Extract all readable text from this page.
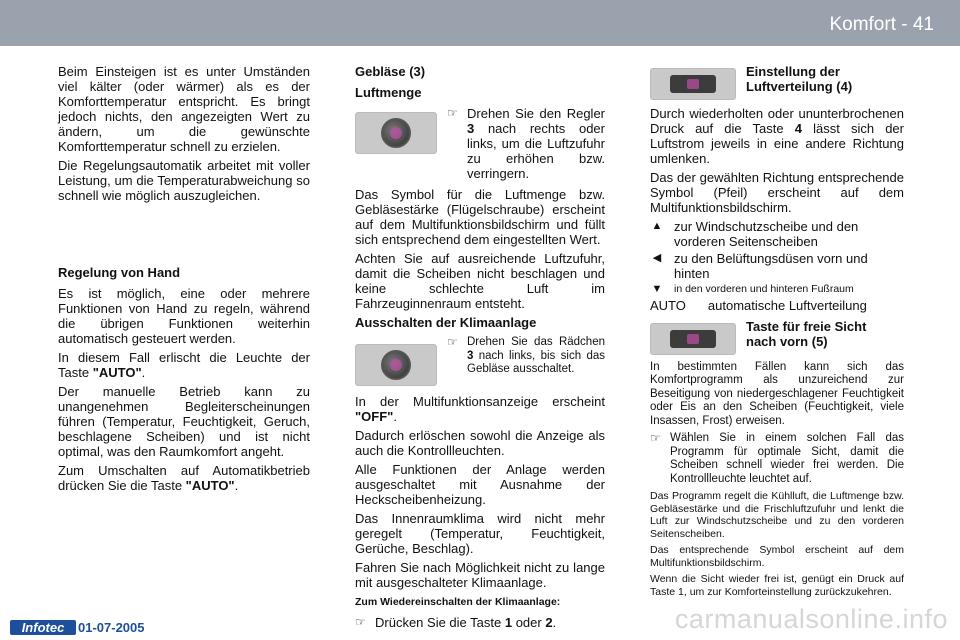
Komfort - 41

Beim Einsteigen ist es unter Umständen viel kälter (oder wärmer) als es der Komforttemperatur entspricht. Es bringt jedoch nichts, den angezeigten Wert zu ändern, um die gewünschte Komforttemperatur schnell zu erzielen.

Die Regelungsautomatik arbeitet mit voller Leistung, um die Temperaturabweichung so schnell wie möglich auszugleichen.

Regelung von Hand

Es ist möglich, eine oder mehrere Funktionen von Hand zu regeln, während die übrigen Funktionen weiterhin automatisch gesteuert werden.

In diesem Fall erlischt die Leuchte der Taste "AUTO".

Der manuelle Betrieb kann zu unangenehmen Begleiterscheinungen führen (Temperatur, Feuchtigkeit, Geruch, beschlagene Scheiben) und ist nicht optimal, was den Raumkomfort angeht.

Zum Umschalten auf Automatikbetrieb drücken Sie die Taste "AUTO".

Gebläse (3)

Luftmenge

☞ Drehen Sie den Regler 3 nach rechts oder links, um die Luftzufuhr zu erhöhen bzw. verringern.

Das Symbol für die Luftmenge bzw. Gebläsestärke (Flügelschraube) erscheint auf dem Multifunktionsbildschirm und füllt sich entsprechend dem eingestellten Wert.

Achten Sie auf ausreichende Luftzufuhr, damit die Scheiben nicht beschlagen und keine schlechte Luft im Fahrzeuginnenraum entsteht.

Ausschalten der Klimaanlage

☞ Drehen Sie das Rädchen 3 nach links, bis sich das Gebläse ausschaltet.

In der Multifunktionsanzeige erscheint "OFF".

Dadurch erlöschen sowohl die Anzeige als auch die Kontrollleuchten.

Alle Funktionen der Anlage werden ausgeschaltet mit Ausnahme der Heckscheibenheizung.

Das Innenraumklima wird nicht mehr geregelt (Temperatur, Feuchtigkeit, Gerüche, Beschlag).

Fahren Sie nach Möglichkeit nicht zu lange mit ausgeschalteter Klimaanlage.

Zum Wiedereinschalten der Klimaanlage:

☞ Drücken Sie die Taste 1 oder 2.

Einstellung der

Luftverteilung (4)

Durch wiederholten oder ununterbrochenen Druck auf die Taste 4 lässt sich der Luftstrom jeweils in eine andere Richtung umlenken.

Das der gewählten Richtung entsprechende Symbol (Pfeil) erscheint auf dem Multifunktionsbildschirm.

▲ zur Windschutzscheibe und den vorderen Seitenscheiben
◀ zu den Belüftungsdüsen vorn und hinten
▼ in den vorderen und hinteren Fußraum
AUTO automatische Luftverteilung

Taste für freie Sicht

nach vorn (5)

In bestimmten Fällen kann sich das Komfortprogramm als unzureichend zur Beseitigung von niedergeschlagener Feuchtigkeit oder Eis an den Scheiben (Feuchtigkeit, viele Insassen, Frost) erweisen.

☞ Wählen Sie in einem solchen Fall das Programm für optimale Sicht, damit die Scheiben schnell wieder frei werden. Die Kontrollleuchte leuchtet auf.

Das Programm regelt die Kühlluft, die Luftmenge bzw. Gebläsestärke und die Frischluftzufuhr und lenkt die Luft zur Windschutzscheibe und zu den vorderen Seitenscheiben.

Das entsprechende Symbol erscheint auf dem Multifunktionsbildschirm.

Wenn die Sicht wieder frei ist, genügt ein Druck auf Taste 1, um zur Komforteinstellung zurückzukehren.

Infotec	01-07-2005	carmanualsonline.info
